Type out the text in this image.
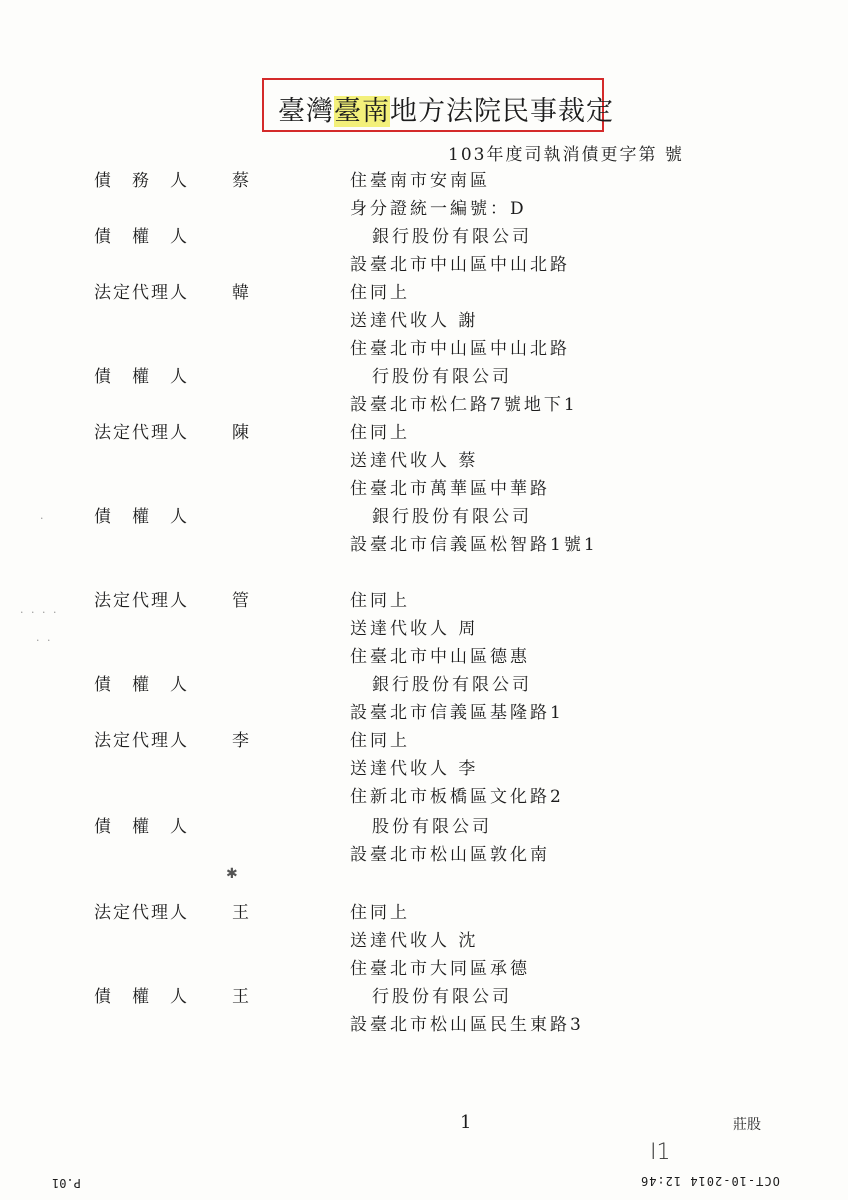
臺灣臺南地方法院民事裁定
103年度司執消債更字第 號
債務人 蔡	住臺南市安南區
身分證統一編號：D
債權人	銀行股份有限公司
設臺北市中山區中山北路
法定代理人	韓	住同上
送達代收人 謝
住臺北市中山區中山北路
債權人	行股份有限公司
設臺北市松仁路7號地下1
法定代理人	陳	住同上
送達代收人 蔡
住臺北市萬華區中華路
債權人	銀行股份有限公司
設臺北市信義區松智路1號1
法定代理人	管	住同上
送達代收人 周
住臺北市中山區德惠
債權人	銀行股份有限公司
設臺北市信義區基隆路1
法定代理人	李	住同上
送達代收人 李
住新北市板橋區文化路2
債權人	股份有限公司
設臺北市松山區敦化南
法定代理人	王	住同上
送達代收人 沈
住臺北市大同區承德
債權人 王	行股份有限公司
設臺北市松山區民生東路3
· · · ·
· ·
·
✱
1	莊股
I1
P.01	OCT-10-2014 12:46
